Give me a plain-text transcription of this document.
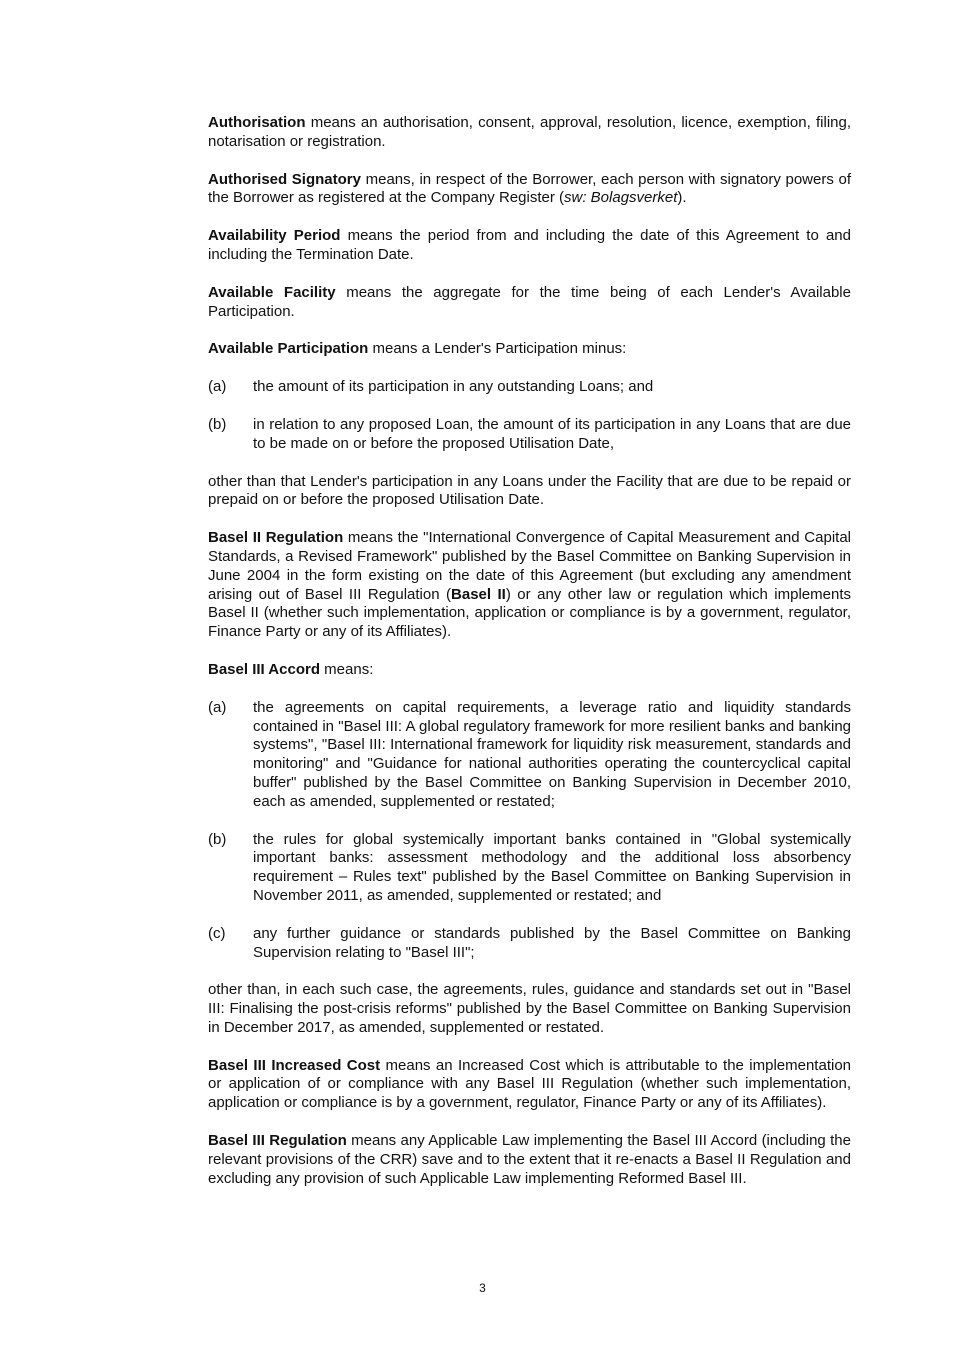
Authorisation means an authorisation, consent, approval, resolution, licence, exemption, filing, notarisation or registration.

Authorised Signatory means, in respect of the Borrower, each person with signatory powers of the Borrower as registered at the Company Register (sw: Bolagsverket).

Availability Period means the period from and including the date of this Agreement to and including the Termination Date.

Available Facility means the aggregate for the time being of each Lender's Available Participation.

Available Participation means a Lender's Participation minus:

(a)	the amount of its participation in any outstanding Loans; and
(b)	in relation to any proposed Loan, the amount of its participation in any Loans that are due to be made on or before the proposed Utilisation Date,

other than that Lender's participation in any Loans under the Facility that are due to be repaid or prepaid on or before the proposed Utilisation Date.

Basel II Regulation means the "International Convergence of Capital Measurement and Capital Standards, a Revised Framework" published by the Basel Committee on Banking Supervision in June 2004 in the form existing on the date of this Agreement (but excluding any amendment arising out of Basel III Regulation (Basel II) or any other law or regulation which implements Basel II (whether such implementation, application or compliance is by a government, regulator, Finance Party or any of its Affiliates).

Basel III Accord means:

(a)	the agreements on capital requirements, a leverage ratio and liquidity standards contained in "Basel III: A global regulatory framework for more resilient banks and banking systems", "Basel III: International framework for liquidity risk measurement, standards and monitoring" and "Guidance for national authorities operating the countercyclical capital buffer" published by the Basel Committee on Banking Supervision in December 2010, each as amended, supplemented or restated;
(b)	the rules for global systemically important banks contained in "Global systemically important banks: assessment methodology and the additional loss absorbency requirement – Rules text" published by the Basel Committee on Banking Supervision in November 2011, as amended, supplemented or restated; and
(c)	any further guidance or standards published by the Basel Committee on Banking Supervision relating to "Basel III";

other than, in each such case, the agreements, rules, guidance and standards set out in "Basel III: Finalising the post-crisis reforms" published by the Basel Committee on Banking Supervision in December 2017, as amended, supplemented or restated.

Basel III Increased Cost means an Increased Cost which is attributable to the implementation or application of or compliance with any Basel III Regulation (whether such implementation, application or compliance is by a government, regulator, Finance Party or any of its Affiliates).

Basel III Regulation means any Applicable Law implementing the Basel III Accord (including the relevant provisions of the CRR) save and to the extent that it re-enacts a Basel II Regulation and excluding any provision of such Applicable Law implementing Reformed Basel III.

3
